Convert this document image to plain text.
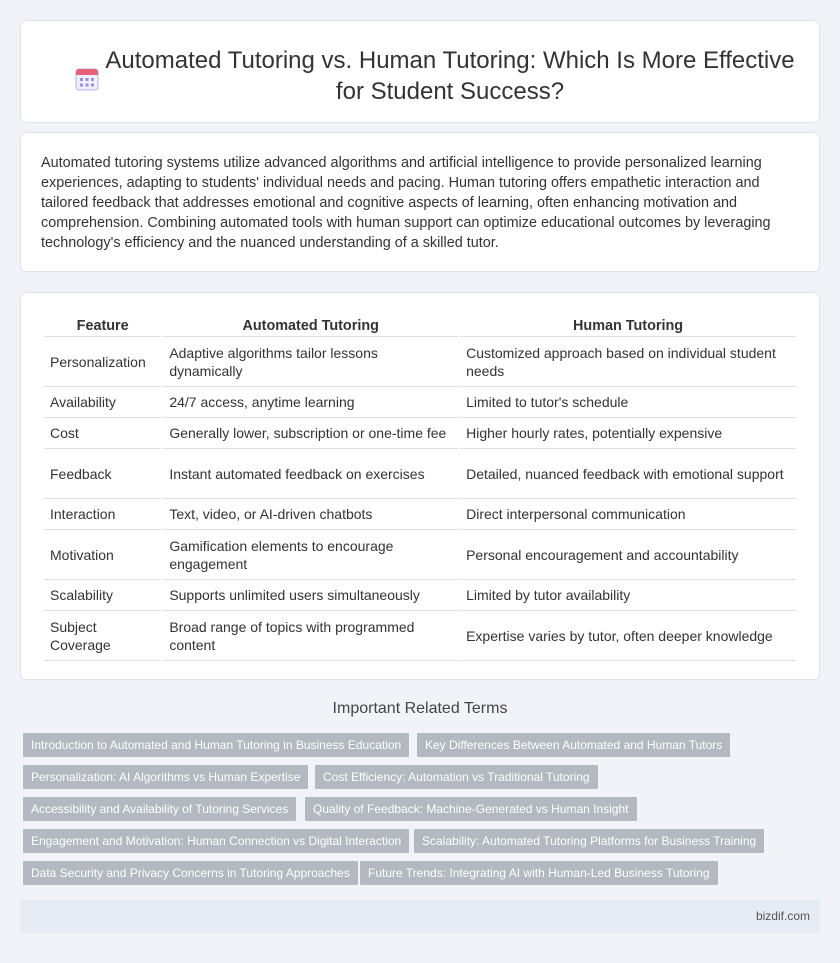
Automated Tutoring vs. Human Tutoring: Which Is More Effective for Student Success?

Automated tutoring systems utilize advanced algorithms and artificial intelligence to provide personalized learning experiences, adapting to students' individual needs and pacing. Human tutoring offers empathetic interaction and tailored feedback that addresses emotional and cognitive aspects of learning, often enhancing motivation and comprehension. Combining automated tools with human support can optimize educational outcomes by leveraging technology's efficiency and the nuanced understanding of a skilled tutor.

Feature	Automated Tutoring	Human Tutoring
Personalization	Adaptive algorithms tailor lessons dynamically	Customized approach based on individual student needs
Availability	24/7 access, anytime learning	Limited to tutor's schedule
Cost	Generally lower, subscription or one-time fee	Higher hourly rates, potentially expensive
Feedback	Instant automated feedback on exercises	Detailed, nuanced feedback with emotional support
Interaction	Text, video, or AI-driven chatbots	Direct interpersonal communication
Motivation	Gamification elements to encourage engagement	Personal encouragement and accountability
Scalability	Supports unlimited users simultaneously	Limited by tutor availability
Subject Coverage	Broad range of topics with programmed content	Expertise varies by tutor, often deeper knowledge
Important Related Terms
Introduction to Automated and Human Tutoring in Business Education	Key Differences Between Automated and Human Tutors
Personalization: AI Algorithms vs Human Expertise	Cost Efficiency: Automation vs Traditional Tutoring
Accessibility and Availability of Tutoring Services	Quality of Feedback: Machine-Generated vs Human Insight
Engagement and Motivation: Human Connection vs Digital Interaction	Scalability: Automated Tutoring Platforms for Business Training
Data Security and Privacy Concerns in Tutoring Approaches	Future Trends: Integrating AI with Human-Led Business Tutoring
bizdif.com
